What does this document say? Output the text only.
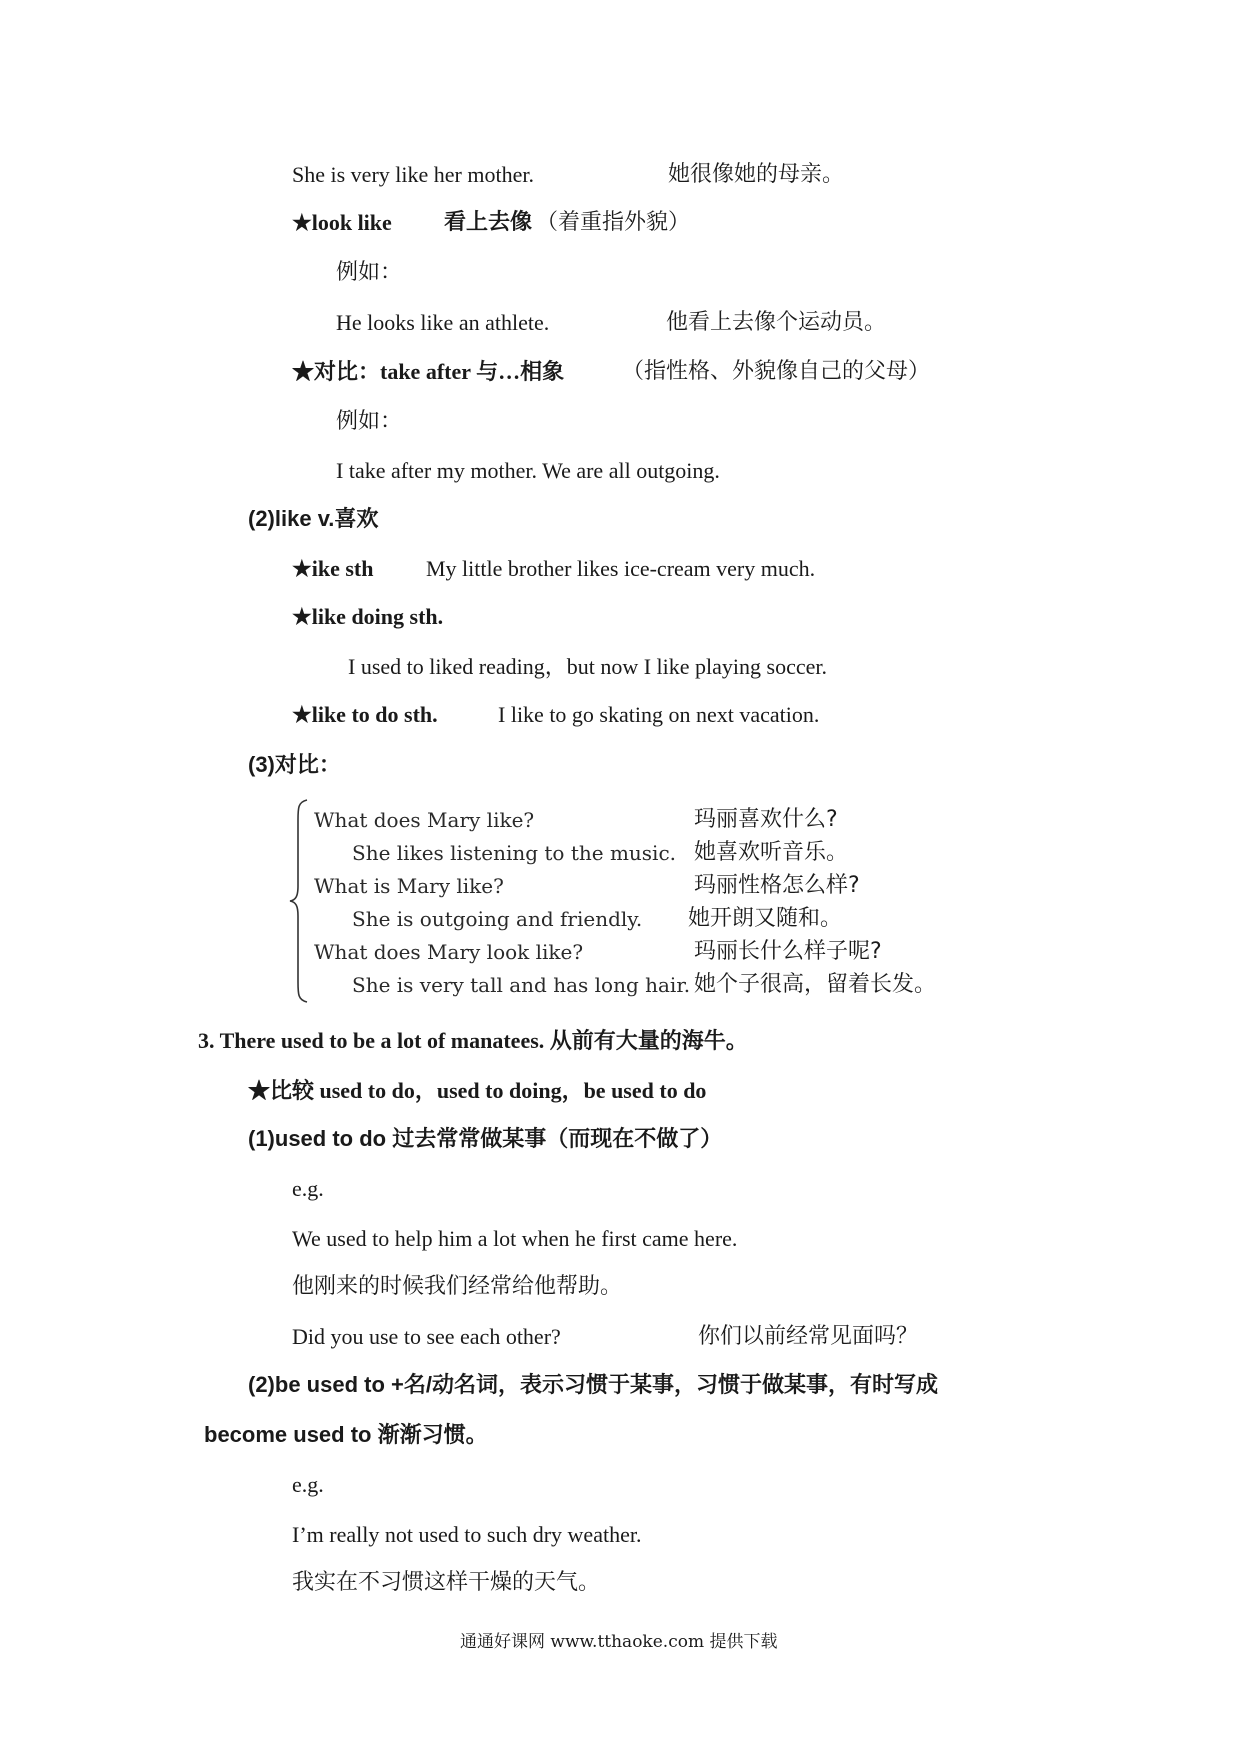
She is very like her mother.	她很像她的母亲。
★look like 看上去像 （着重指外貌）
例如：
He looks like an athlete.	他看上去像个运动员。
★对比：take after 与…相象	（指性格、外貌像自己的父母）
例如：
I take after my mother. We are all outgoing.
(2)like v.喜欢
★ike sth My little brother likes ice-cream very much.
★like doing sth.
I used to liked reading，but now I like playing soccer.
★like to do sth.	I like to go skating on next vacation.
(3)对比：
What does Mary like?	玛丽喜欢什么?
She likes listening to the music. 她喜欢听音乐。
What is Mary like?	玛丽性格怎么样?
She is outgoing and friendly. 她开朗又随和。
What does Mary look like?	玛丽长什么样子呢?
She is very tall and has long hair. 她个子很高，留着长发。
3. There used to be a lot of manatees. 从前有大量的海牛。
★比较 used to do，used to doing，be used to do
(1)used to do 过去常常做某事（而现在不做了）
e.g.
We used to help him a lot when he first came here.
他刚来的时候我们经常给他帮助。
Did you use to see each other?	你们以前经常见面吗？
(2)be used to +名/动名词，表示习惯于某事，习惯于做某事，有时写成
become used to 渐渐习惯。
e.g.
I’m really not used to such dry weather.
我实在不习惯这样干燥的天气。
通通好课网 www.tthaoke.com 提供下载
